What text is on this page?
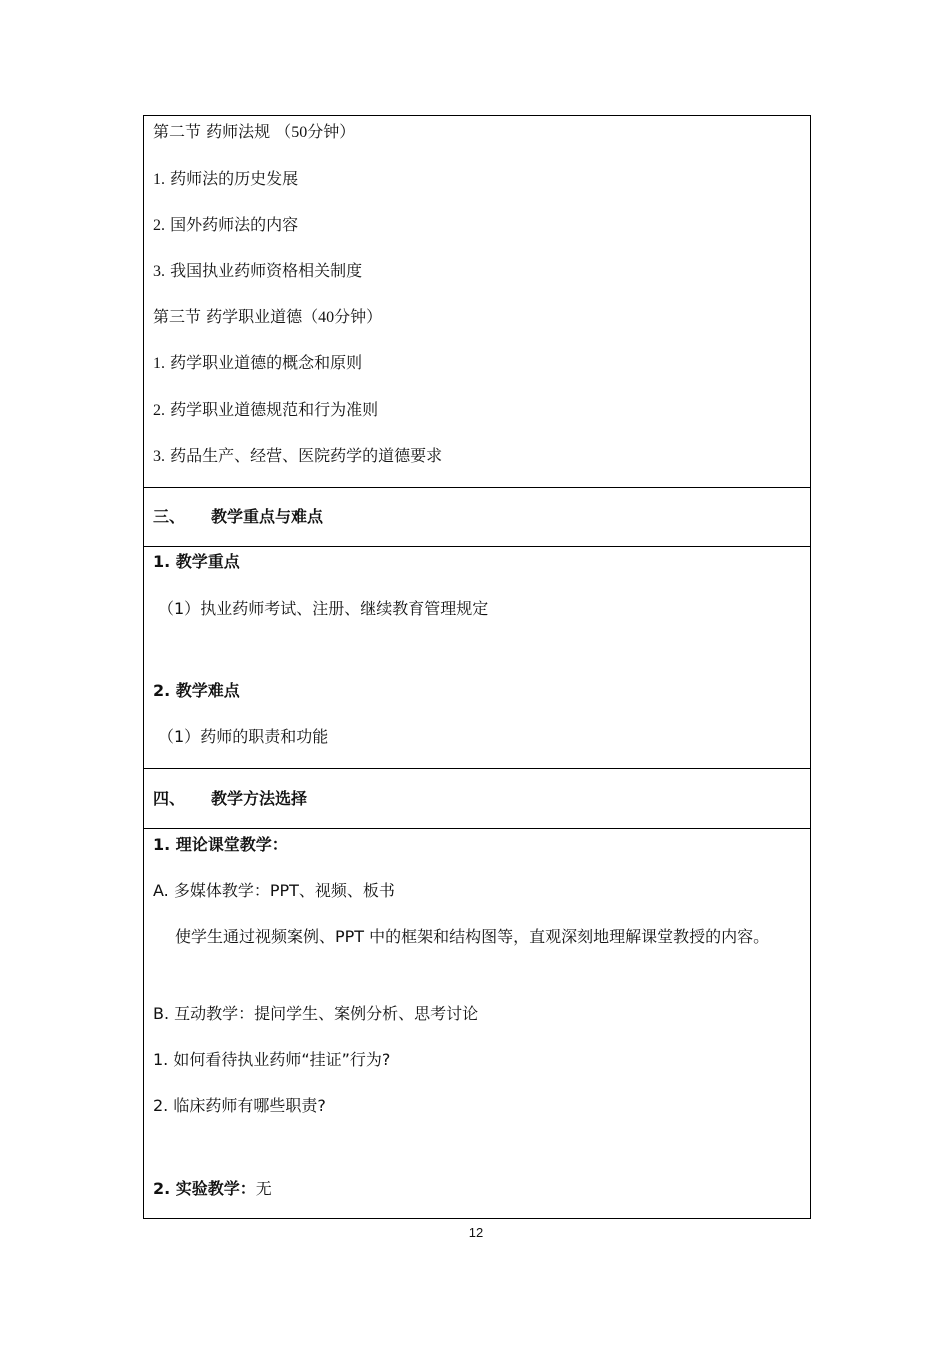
第二节 药师法规 （50分钟）
1. 药师法的历史发展
2. 国外药师法的内容
3. 我国执业药师资格相关制度
第三节 药学职业道德（40分钟）
1. 药学职业道德的概念和原则
2. 药学职业道德规范和行为准则
3. 药品生产、经营、医院药学的道德要求
三、 教学重点与难点
1. 教学重点
（1）执业药师考试、注册、继续教育管理规定
2. 教学难点
（1）药师的职责和功能
四、 教学方法选择
1. 理论课堂教学：
A. 多媒体教学：PPT、视频、板书
使学生通过视频案例、PPT 中的框架和结构图等，直观深刻地理解课堂教授的内容。
B. 互动教学：提问学生、案例分析、思考讨论
1. 如何看待执业药师“挂证”行为?
2. 临床药师有哪些职责?
2. 实验教学：无
12
